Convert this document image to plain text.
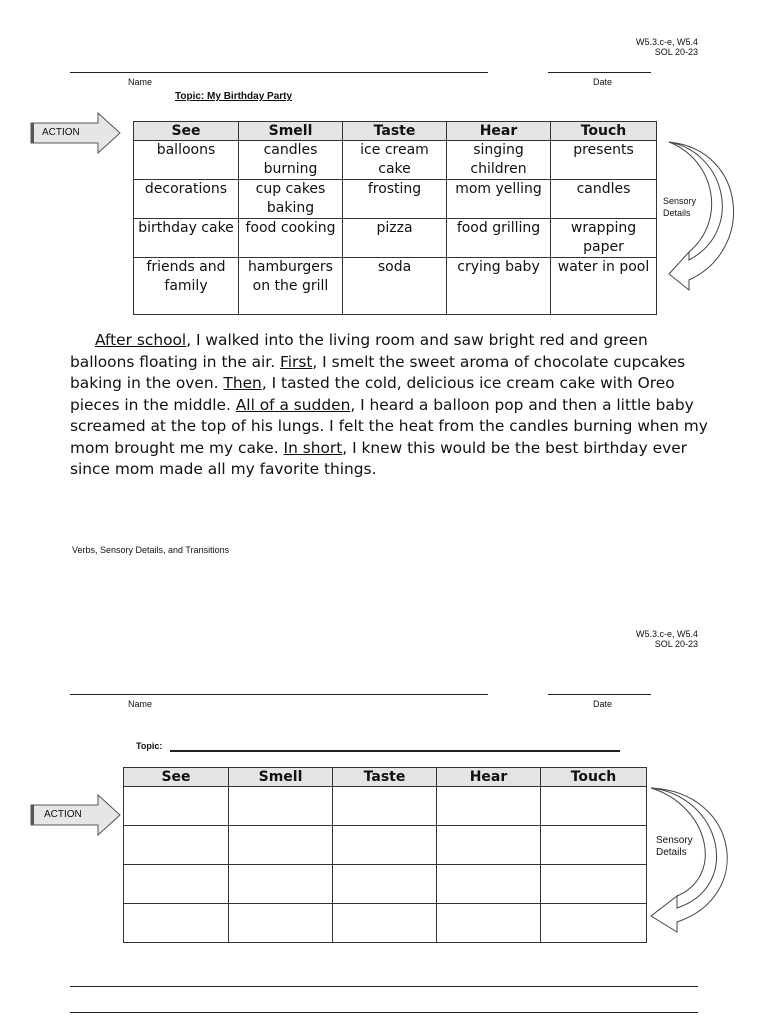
W5.3.c-e, W5.4
SOL 20-23
Name	Date
Topic: My Birthday Party
ACTION	See	Smell	Taste	Hear	Touch
balloons	candles burning	ice cream cake	singing children	presents
decorations	cup cakes baking	frosting	mom yelling	candles
birthday cake	food cooking	pizza	food grilling	wrapping paper
friends and family	hamburgers on the grill	soda	crying baby	water in pool
Sensory
Details

After school, I walked into the living room and saw bright red and green balloons floating in the air. First, I smelt the sweet aroma of chocolate cupcakes baking in the oven. Then, I tasted the cold, delicious ice cream cake with Oreo pieces in the middle. All of a sudden, I heard a balloon pop and then a little baby screamed at the top of his lungs. I felt the heat from the candles burning when my mom brought me my cake. In short, I knew this would be the best birthday ever since mom made all my favorite things.

Verbs, Sensory Details, and Transitions
W5.3.c-e, W5.4
SOL 20-23
Name	Date
Topic:
See	Smell	Taste	Hear	Touch

ACTION
Sensory
Details
